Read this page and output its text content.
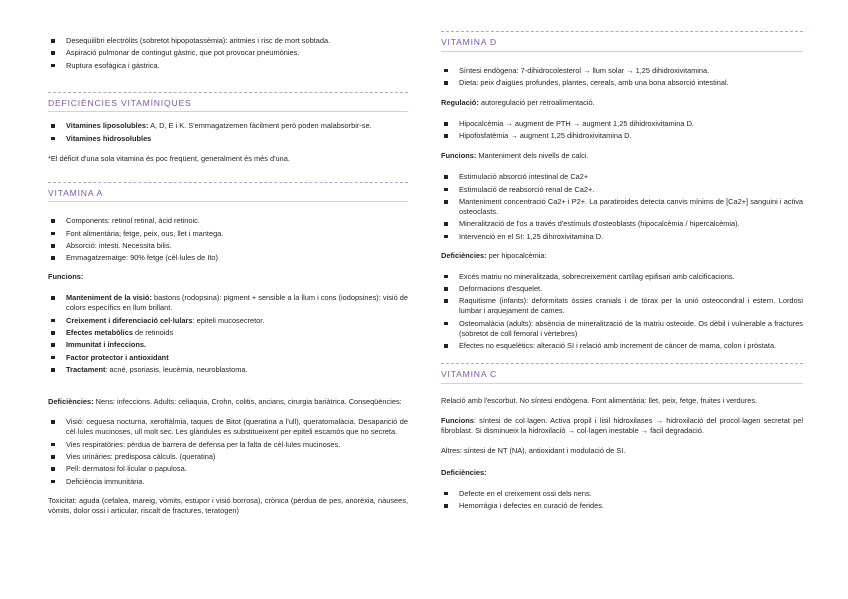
Desequilibri electròlits (sobretot hipopotassèmia): aritmies i risc de mort sobtada.
Aspiració pulmonar de contingut gàstric, que pot provocar pneumònies.
Ruptura esofàgica i gàstrica.
DEFICIÈNCIES VITAMÍNIQUES
Vitamines liposolubles: A, D, E i K. S'emmagatzemen fàcilment però poden malabsorbir-se.
Vitamines hidrosolubles

*El dèficit d'una sola vitamina és poc freqüent, generalment és més d'una.

VITAMINA A
Components: retinol retinal, àcid retinoic.
Font alimentària; fetge, peix, ous, llet i mantega.
Absorció: intesti. Necessita bilis.
Emmagatzematge: 90% fetge (cèl·lules de Ito)

Funcions:

Manteniment de la visió: bastons (rodopsina): pigment + sensible a la llum i cons (iodopsines): visió de colors específics en llum brillant.
Creixement i diferenciació cel·lulars: epiteli mucosecretor.
Efectes metabòlics de retinoids
Immunitat i infeccions.
Factor protector i antioxidant
Tractament: acné, psoriasis, leucèmia, neuroblastoma.

Deficiències: Nens: infeccions. Adults: celiaquia, Crohn, colitis, ancians, cirurgia bariàtrica. Conseqüències:

Visió: ceguesa nocturna, xeroftàlmia, taques de Bitot (queratina a l'ull), queratomalàcia. Desaparició de cèl·lules mucinoses, ull molt sec. Les glàndules es substitueixent per epiteli escamós que no secreta.
Vies respiratòries: pèrdua de barrera de defensa per la falta de cèl·lules mucinoses.
Vies urinàries: predisposa càlculs. (queratina)
Pell: dermatosi fol·licular o papulosa.
Deficiència immunitària.

Toxicitat: aguda (cefalea, mareig, vòmits, estupor i visió borrosa), crònica (pèrdua de pes, anorèxia, nàusees, vòmits, dolor ossi i articular, riscalt de fractures, teratogen)

VITAMINA D
Síntesi endògena: 7-dihidrocolesterol → llum solar → 1,25 dihidroxivitamina.
Dieta: peix d'aigües profundes, plantes, cereals, amb una bona absorció intestinal.

Regulació: autoregulació per retroalimentació.

Hipocalcèmia → augment de PTH → augment 1,25 dihidroxivitamina D.
Hipofosfatèmia → augment 1,25 dihidroxivitamina D.

Funcions: Manteniment dels nivells de calci.

Estimulació absorció intestinal de Ca2+
Estimulació de reabsorció renal de Ca2+.
Manteniment concentració Ca2+ i P2+. La paratiroides detecta canvis mínims de [Ca2+] sanguini i activa osteoclasts.
Mineralització de l'os a través d'estímuls d'osteoblasts (hipocalcèmia / hipercalcèmia).
Intervenció en el SI: 1,25 dihiroxivitamina D.

Deficiències: per hipocalcèmia:

Excés matriu no mineralitzada, sobrecreixement cartílag epifisari amb calcificacions.
Deformacions d'esquelet.
Raquitisme (infants): deformitats òssies cranials i de tòrax per la unió osteocondral i estern. Lordosi lumbar i arquejament de cames.
Osteomalàcia (adults): absència de mineralització de la matriu osteoide. Os dèbil i vulnerable a fractures (sobretot de coll femoral i vèrtebres)
Efectes no esquelètics: alteració SI i relació amb increment de càncer de mama, colon i pròstata.
VITAMINA C

Relació amb l'escorbut. No síntesi endògena. Font alimentària: llet, peix, fetge, fruites i verdures.

Funcions: síntesi de col·lagen. Activa propil i lisil hidroxilases → hidroxilació del procol·lagen secretat pel fibroblast. Si disminueix la hidroxilació → col·lagen inestable → fàcil degradació.

Altres: síntesi de NT (NA), antioxidant i modulació de SI.

Deficiències:

Defecte en el creixement ossi dels nens.
Hemorràgia i defectes en curació de ferides.
